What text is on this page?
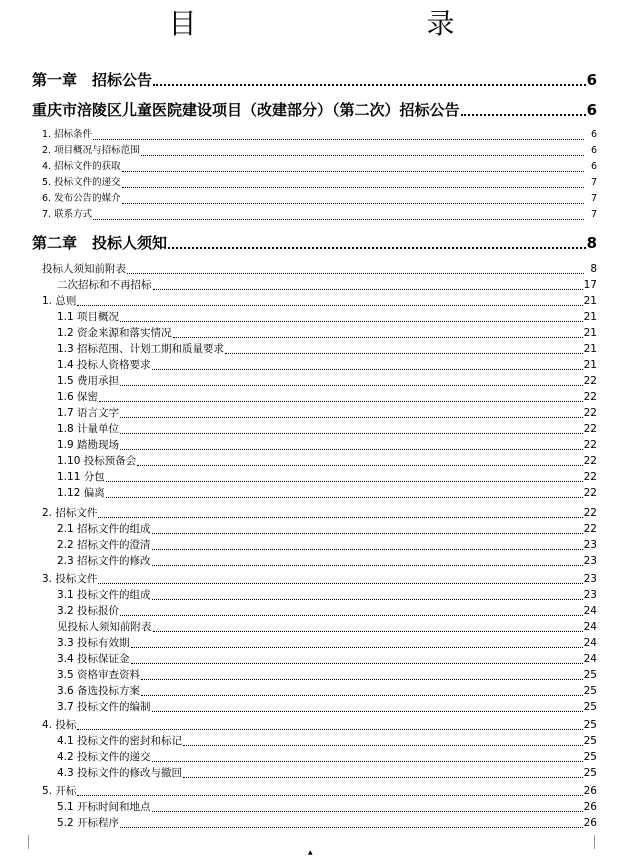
目　　录
第一章　招标公告	6
重庆市涪陵区儿童医院建设项目（改建部分）（第二次）招标公告	6
1. 招标条件	6
2. 项目概况与招标范围	6
4. 招标文件的获取	6
5. 投标文件的递交	7
6. 发布公告的媒介	7
7. 联系方式	7
第二章　投标人须知	8
投标人须知前附表	8
二次招标和不再招标	17
1. 总则	21
1.1 项目概况	21
1.2 资金来源和落实情况	21
1.3 招标范围、计划工期和质量要求	21
1.4 投标人资格要求	21
1.5 费用承担	22
1.6 保密	22
1.7 语言文字	22
1.8 计量单位	22
1.9 踏勘现场	22
1.10 投标预备会	22
1.11 分包	22
1.12 偏离	22
2. 招标文件	22
2.1 招标文件的组成	22
2.2 招标文件的澄清	23
2.3 招标文件的修改	23
3. 投标文件	23
3.1 投标文件的组成	23
3.2 投标报价	24
见投标人须知前附表	24
3.3 投标有效期	24
3.4 投标保证金	24
3.5 资格审查资料	25
3.6 备选投标方案	25
3.7 投标文件的编制	25
4. 投标	25
4.1 投标文件的密封和标记	25
4.2 投标文件的递交	25
4.3 投标文件的修改与撤回	25
5. 开标	26
5.1 开标时间和地点	26
5.2 开标程序	26
▲
